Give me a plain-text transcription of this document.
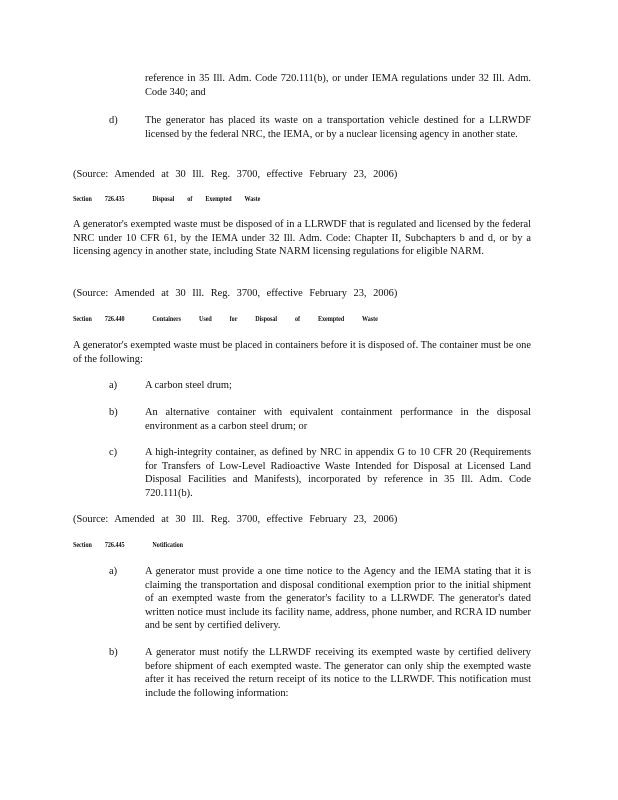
reference in 35 Ill. Adm. Code 720.111(b), or under IEMA regulations under 32 Ill. Adm. Code 340; and

d)	The generator has placed its waste on a transportation vehicle destined for a LLRWDF licensed by the federal NRC, the IEMA, or by a nuclear licensing agency in another state.

(Source: Amended at 30 Ill. Reg. 3700, effective February 23, 2006)

Section 726.435	Disposal of Exempted Waste

A generator's exempted waste must be disposed of in a LLRWDF that is regulated and licensed by the federal NRC under 10 CFR 61, by the IEMA under 32 Ill. Adm. Code: Chapter II, Subchapters b and d, or by a licensing agency in another state, including State NARM licensing regulations for eligible NARM.

(Source: Amended at 30 Ill. Reg. 3700, effective February 23, 2006)

Section 726.440	Containers Used for Disposal of Exempted Waste

A generator's exempted waste must be placed in containers before it is disposed of. The container must be one of the following:

a)	A carbon steel drum;

b)	An alternative container with equivalent containment performance in the disposal environment as a carbon steel drum; or

c)	A high-integrity container, as defined by NRC in appendix G to 10 CFR 20 (Requirements for Transfers of Low-Level Radioactive Waste Intended for Disposal at Licensed Land Disposal Facilities and Manifests), incorporated by reference in 35 Ill. Adm. Code 720.111(b).

(Source: Amended at 30 Ill. Reg. 3700, effective February 23, 2006)

Section 726.445	Notification
a)	A generator must provide a one time notice to the Agency and the IEMA stating that it is claiming the transportation and disposal conditional exemption prior to the initial shipment of an exempted waste from the generator's facility to a LLRWDF. The generator's dated written notice must include its facility name, address, phone number, and RCRA ID number and be sent by certified delivery.

b)	A generator must notify the LLRWDF receiving its exempted waste by certified delivery before shipment of each exempted waste. The generator can only ship the exempted waste after it has received the return receipt of its notice to the LLRWDF. This notification must include the following information:
